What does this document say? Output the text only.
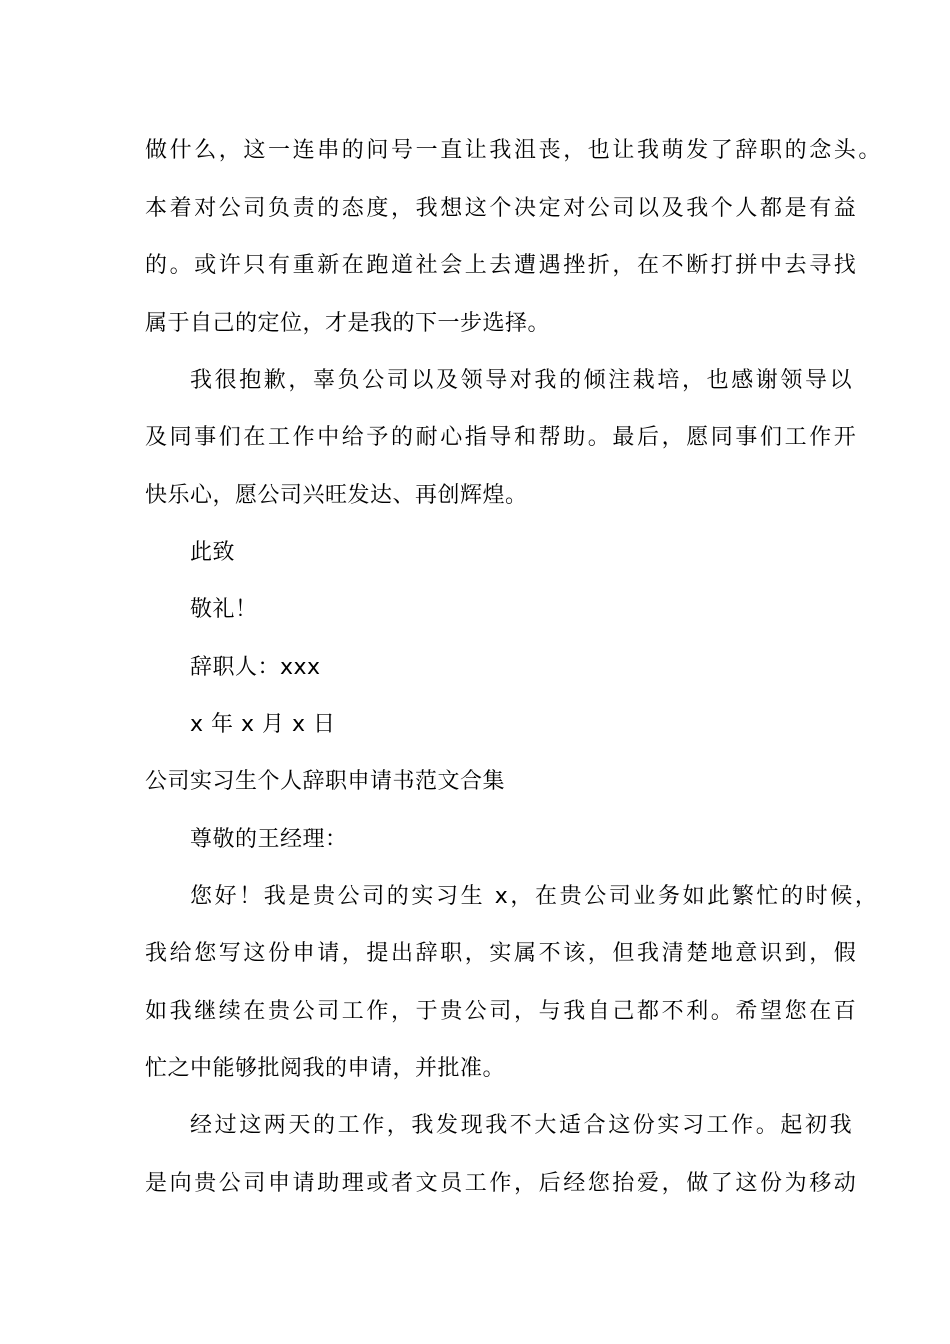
做什么，这一连串的问号一直让我沮丧，也让我萌发了辞职的念头。
本着对公司负责的态度，我想这个决定对公司以及我个人都是有益
的。或许只有重新在跑道社会上去遭遇挫折，在不断打拼中去寻找
属于自己的定位，才是我的下一步选择。
我很抱歉，辜负公司以及领导对我的倾注栽培，也感谢领导以
及同事们在工作中给予的耐心指导和帮助。最后，愿同事们工作开
快乐心，愿公司兴旺发达、再创辉煌。
此致
敬礼！
辞职人：xxx
x 年 x 月 x 日
公司实习生个人辞职申请书范文合集
尊敬的王经理：
您好！我是贵公司的实习生 x，在贵公司业务如此繁忙的时候，
我给您写这份申请，提出辞职，实属不该，但我清楚地意识到，假
如我继续在贵公司工作，于贵公司，与我自己都不利。希望您在百
忙之中能够批阅我的申请，并批准。
经过这两天的工作，我发现我不大适合这份实习工作。起初我
是向贵公司申请助理或者文员工作，后经您抬爱，做了这份为移动
